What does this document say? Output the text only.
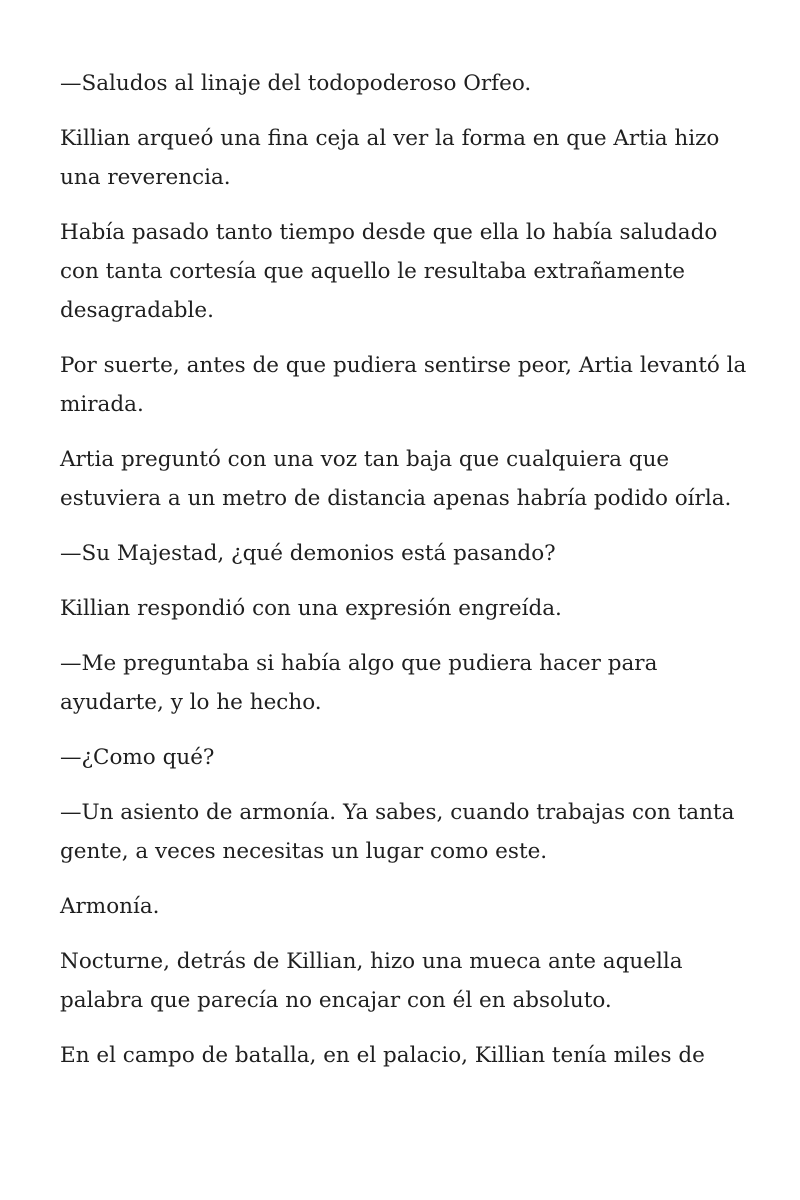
—Saludos al linaje del todopoderoso Orfeo.

Killian arqueó una fina ceja al ver la forma en que Artia hizo una reverencia.

Había pasado tanto tiempo desde que ella lo había saludado con tanta cortesía que aquello le resultaba extrañamente desagradable.

Por suerte, antes de que pudiera sentirse peor, Artia levantó la mirada.

Artia preguntó con una voz tan baja que cualquiera que estuviera a un metro de distancia apenas habría podido oírla.

—Su Majestad, ¿qué demonios está pasando?

Killian respondió con una expresión engreída.

—Me preguntaba si había algo que pudiera hacer para ayudarte, y lo he hecho.

—¿Como qué?

—Un asiento de armonía. Ya sabes, cuando trabajas con tanta gente, a veces necesitas un lugar como este.

Armonía.

Nocturne, detrás de Killian, hizo una mueca ante aquella palabra que parecía no encajar con él en absoluto.

En el campo de batalla, en el palacio, Killian tenía miles de
